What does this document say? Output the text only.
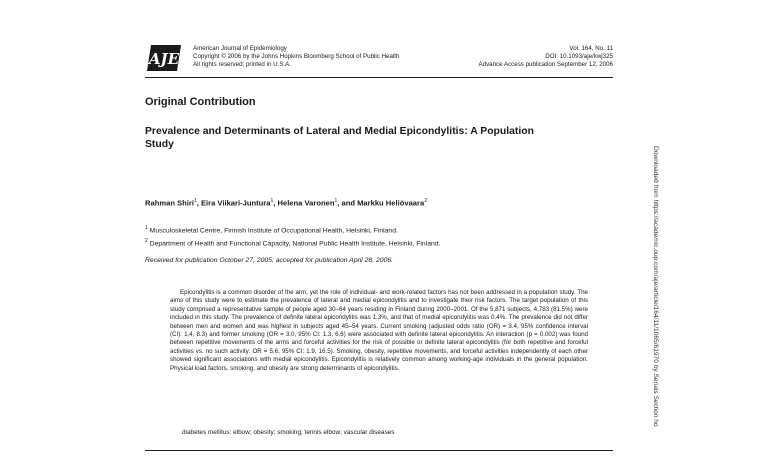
AJE
American Journal of Epidemiology
Copyright © 2006 by the Johns Hopkins Bloomberg School of Public Health
All rights reserved; printed in U.S.A.
Vol. 164, No. 11
DOI: 10.1093/aje/kwj325
Advance Access publication September 12, 2006
Original Contribution
Prevalence and Determinants of Lateral and Medial Epicondylitis: A Population Study
Rahman Shiri$^1$, Eira Viikari-Juntura$^1$, Helena Varonen$^1$, and Markku Heliövaara$^2$
$^1$ Musculoskeletal Centre, Finnish Institute of Occupational Health, Helsinki, Finland.
$^2$ Department of Health and Functional Capacity, National Public Health Institute, Helsinki, Finland.
Received for publication October 27, 2005; accepted for publication April 28, 2006.

Epicondylitis is a common disorder of the arm, yet the role of individual- and work-related factors has not been addressed in a population study. The aims of this study were to estimate the prevalence of lateral and medial epicondylitis and to investigate their risk factors. The target population of this study comprised a representative sample of people aged 30–64 years residing in Finland during 2000–2001. Of the 5,871 subjects, 4,783 (81.5%) were included in this study. The prevalence of definite lateral epicondylitis was 1.3%, and that of medial epicondylitis was 0.4%. The prevalence did not differ between men and women and was highest in subjects aged 45–54 years. Current smoking (adjusted odds ratio (OR) = 3.4, 95% confidence interval (CI): 1.4, 8.3) and former smoking (OR = 3.0, 95% CI: 1.3, 6.6) were associated with definite lateral epicondylitis. An interaction (p = 0.002) was found between repetitive movements of the arms and forceful activities for the risk of possible or definite lateral epicondylitis (for both repetitive and forceful activities vs. no such activity: OR = 5.6, 95% CI: 1.9, 16.5). Smoking, obesity, repetitive movements, and forceful activities independently of each other showed significant associations with medial epicondylitis. Epicondylitis is relatively common among working-age individuals in the general population. Physical load factors, smoking, and obesity are strong determinants of epicondylitis.

diabetes mellitus; elbow; obesity; smoking; tennis elbow; vascular diseases
Downloaded from https://academic.oup.com/aje/article/164/11/1065/61970 by Serials Section ho
